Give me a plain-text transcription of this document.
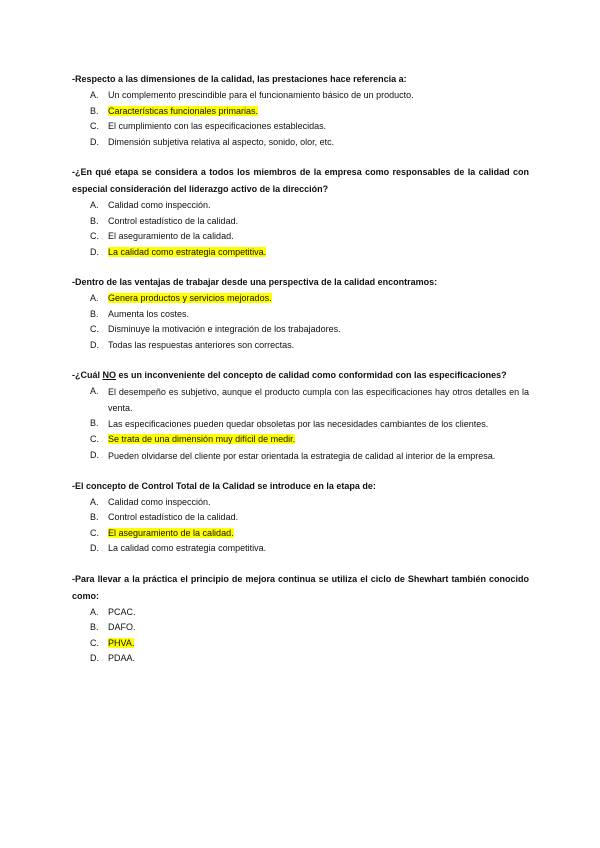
-Respecto a las dimensiones de la calidad, las prestaciones hace referencia a:

A.	Un complemento prescindible para el funcionamiento básico de un producto.
B.	Características funcionales primarias.
C.	El cumplimiento con las especificaciones establecidas.
D.	Dimensión subjetiva relativa al aspecto, sonido, olor, etc.

-¿En qué etapa se considera a todos los miembros de la empresa como responsables de la calidad con especial consideración del liderazgo activo de la dirección?

A.	Calidad como inspección.
B.	Control estadístico de la calidad.
C.	El aseguramiento de la calidad.
D.	La calidad como estrategia competitiva.

-Dentro de las ventajas de trabajar desde una perspectiva de la calidad encontramos:

A.	Genera productos y servicios mejorados.
B.	Aumenta los costes.
C.	Disminuye la motivación e integración de los trabajadores.
D.	Todas las respuestas anteriores son correctas.

-¿Cuál NO es un inconveniente del concepto de calidad como conformidad con las especificaciones?

A.	El desempeño es subjetivo, aunque el producto cumpla con las especificaciones hay otros detalles en la venta.
B.	Las especificaciones pueden quedar obsoletas por las necesidades cambiantes de los clientes.
C.	Se trata de una dimensión muy difícil de medir.
D.	Pueden olvidarse del cliente por estar orientada la estrategia de calidad al interior de la empresa.

-El concepto de Control Total de la Calidad se introduce en la etapa de:

A.	Calidad como inspección.
B.	Control estadístico de la calidad.
C.	El aseguramiento de la calidad.
D.	La calidad como estrategia competitiva.

-Para llevar a la práctica el principio de mejora continua se utiliza el ciclo de Shewhart también conocido como:

A.	PCAC.
B.	DAFO.
C.	PHVA.
D.	PDAA.
